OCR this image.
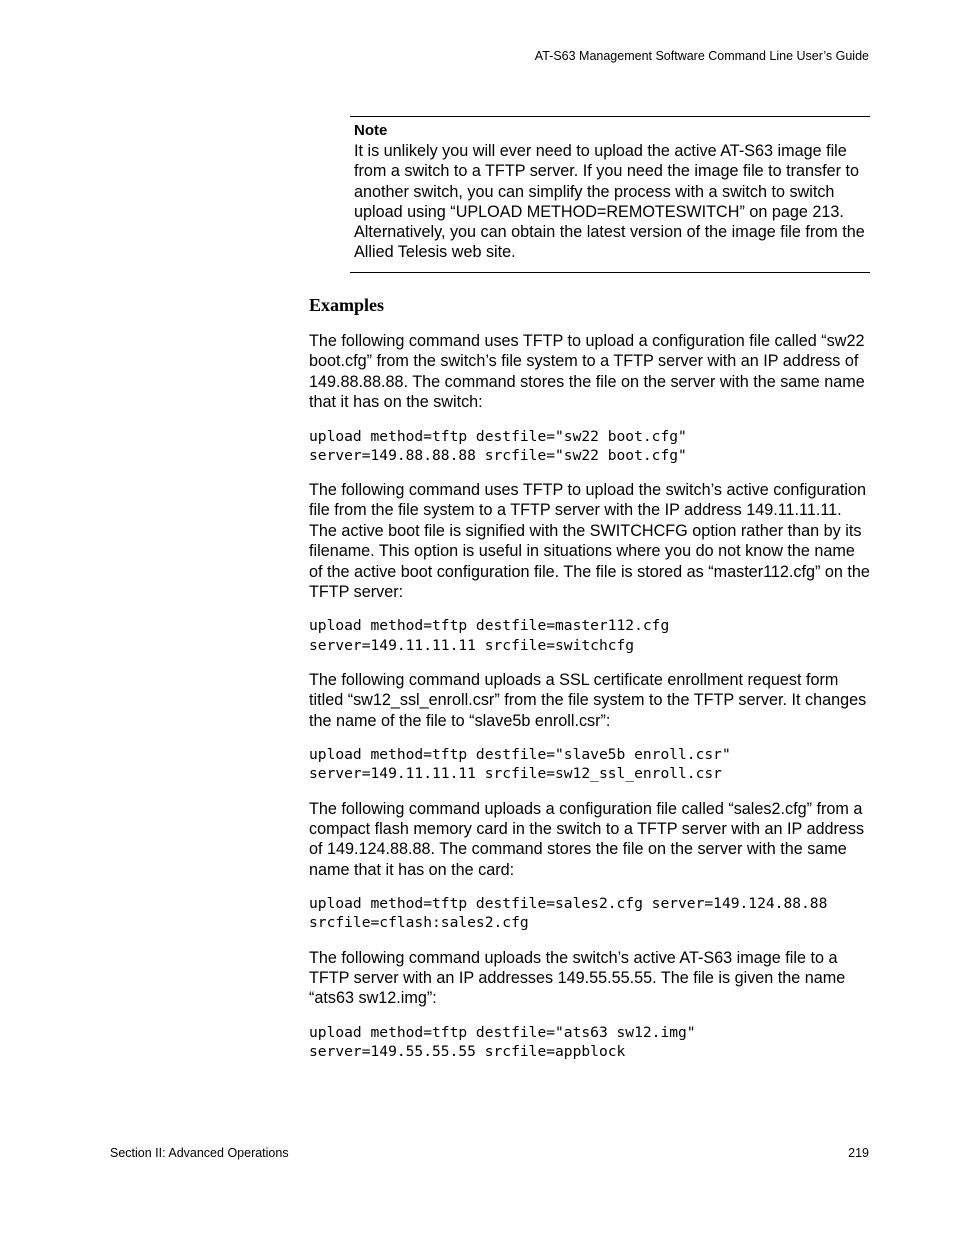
AT-S63 Management Software Command Line User’s Guide
Note
It is unlikely you will ever need to upload the active AT-S63 image file from a switch to a TFTP server. If you need the image file to transfer to another switch, you can simplify the process with a switch to switch upload using “UPLOAD METHOD=REMOTESWITCH” on page 213. Alternatively, you can obtain the latest version of the image file from the Allied Telesis web site.
Examples
The following command uses TFTP to upload a configuration file called “sw22 boot.cfg” from the switch’s file system to a TFTP server with an IP address of 149.88.88.88. The command stores the file on the server with the same name that it has on the switch:
upload method=tftp destfile="sw22 boot.cfg"
server=149.88.88.88 srcfile="sw22 boot.cfg"
The following command uses TFTP to upload the switch’s active configuration file from the file system to a TFTP server with the IP address 149.11.11.11. The active boot file is signified with the SWITCHCFG option rather than by its filename. This option is useful in situations where you do not know the name of the active boot configuration file. The file is stored as “master112.cfg” on the TFTP server:
upload method=tftp destfile=master112.cfg
server=149.11.11.11 srcfile=switchcfg
The following command uploads a SSL certificate enrollment request form titled “sw12_ssl_enroll.csr” from the file system to the TFTP server. It changes the name of the file to “slave5b enroll.csr”:
upload method=tftp destfile="slave5b enroll.csr"
server=149.11.11.11 srcfile=sw12_ssl_enroll.csr
The following command uploads a configuration file called “sales2.cfg” from a compact flash memory card in the switch to a TFTP server with an IP address of 149.124.88.88. The command stores the file on the server with the same name that it has on the card:
upload method=tftp destfile=sales2.cfg server=149.124.88.88
srcfile=cflash:sales2.cfg
The following command uploads the switch’s active AT-S63 image file to a TFTP server with an IP addresses 149.55.55.55. The file is given the name “ats63 sw12.img”:
upload method=tftp destfile="ats63 sw12.img"
server=149.55.55.55 srcfile=appblock
Section II: Advanced Operations	219
